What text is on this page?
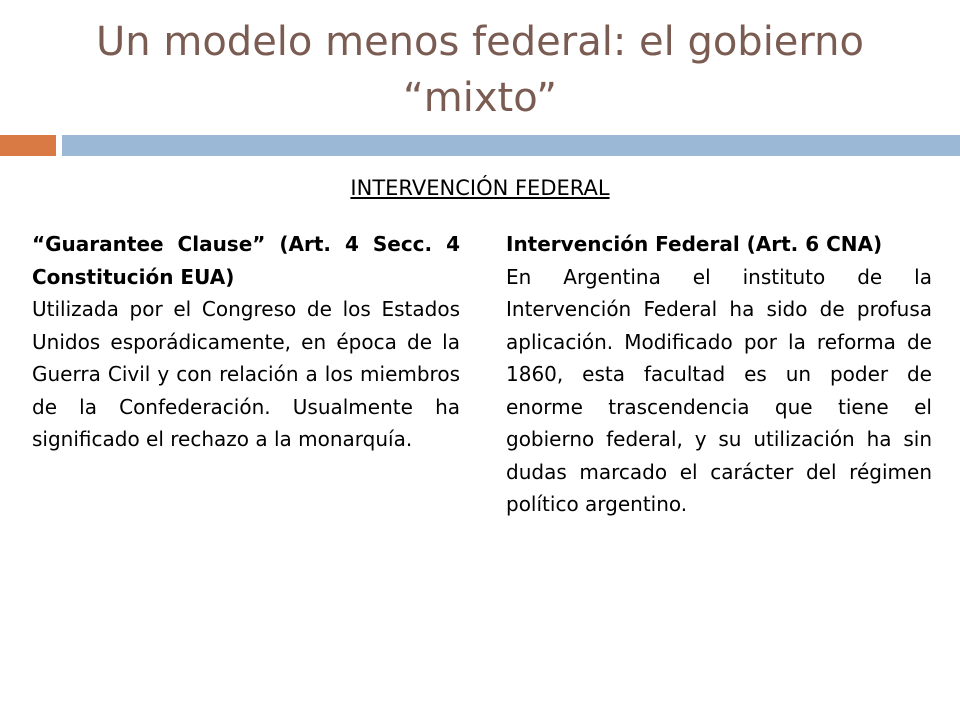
Un modelo menos federal: el gobierno “mixto”
INTERVENCIÓN FEDERAL

“Guarantee Clause” (Art. 4 Secc. 4 Constitución EUA)

Utilizada por el Congreso de los Estados Unidos esporádicamente, en época de la Guerra Civil y con relación a los miembros de la Confederación. Usualmente ha significado el rechazo a la monarquía.

Intervención Federal (Art. 6 CNA)

En Argentina el instituto de la Intervención Federal ha sido de profusa aplicación. Modificado por la reforma de 1860, esta facultad es un poder de enorme trascendencia que tiene el gobierno federal, y su utilización ha sin dudas marcado el carácter del régimen político argentino.
